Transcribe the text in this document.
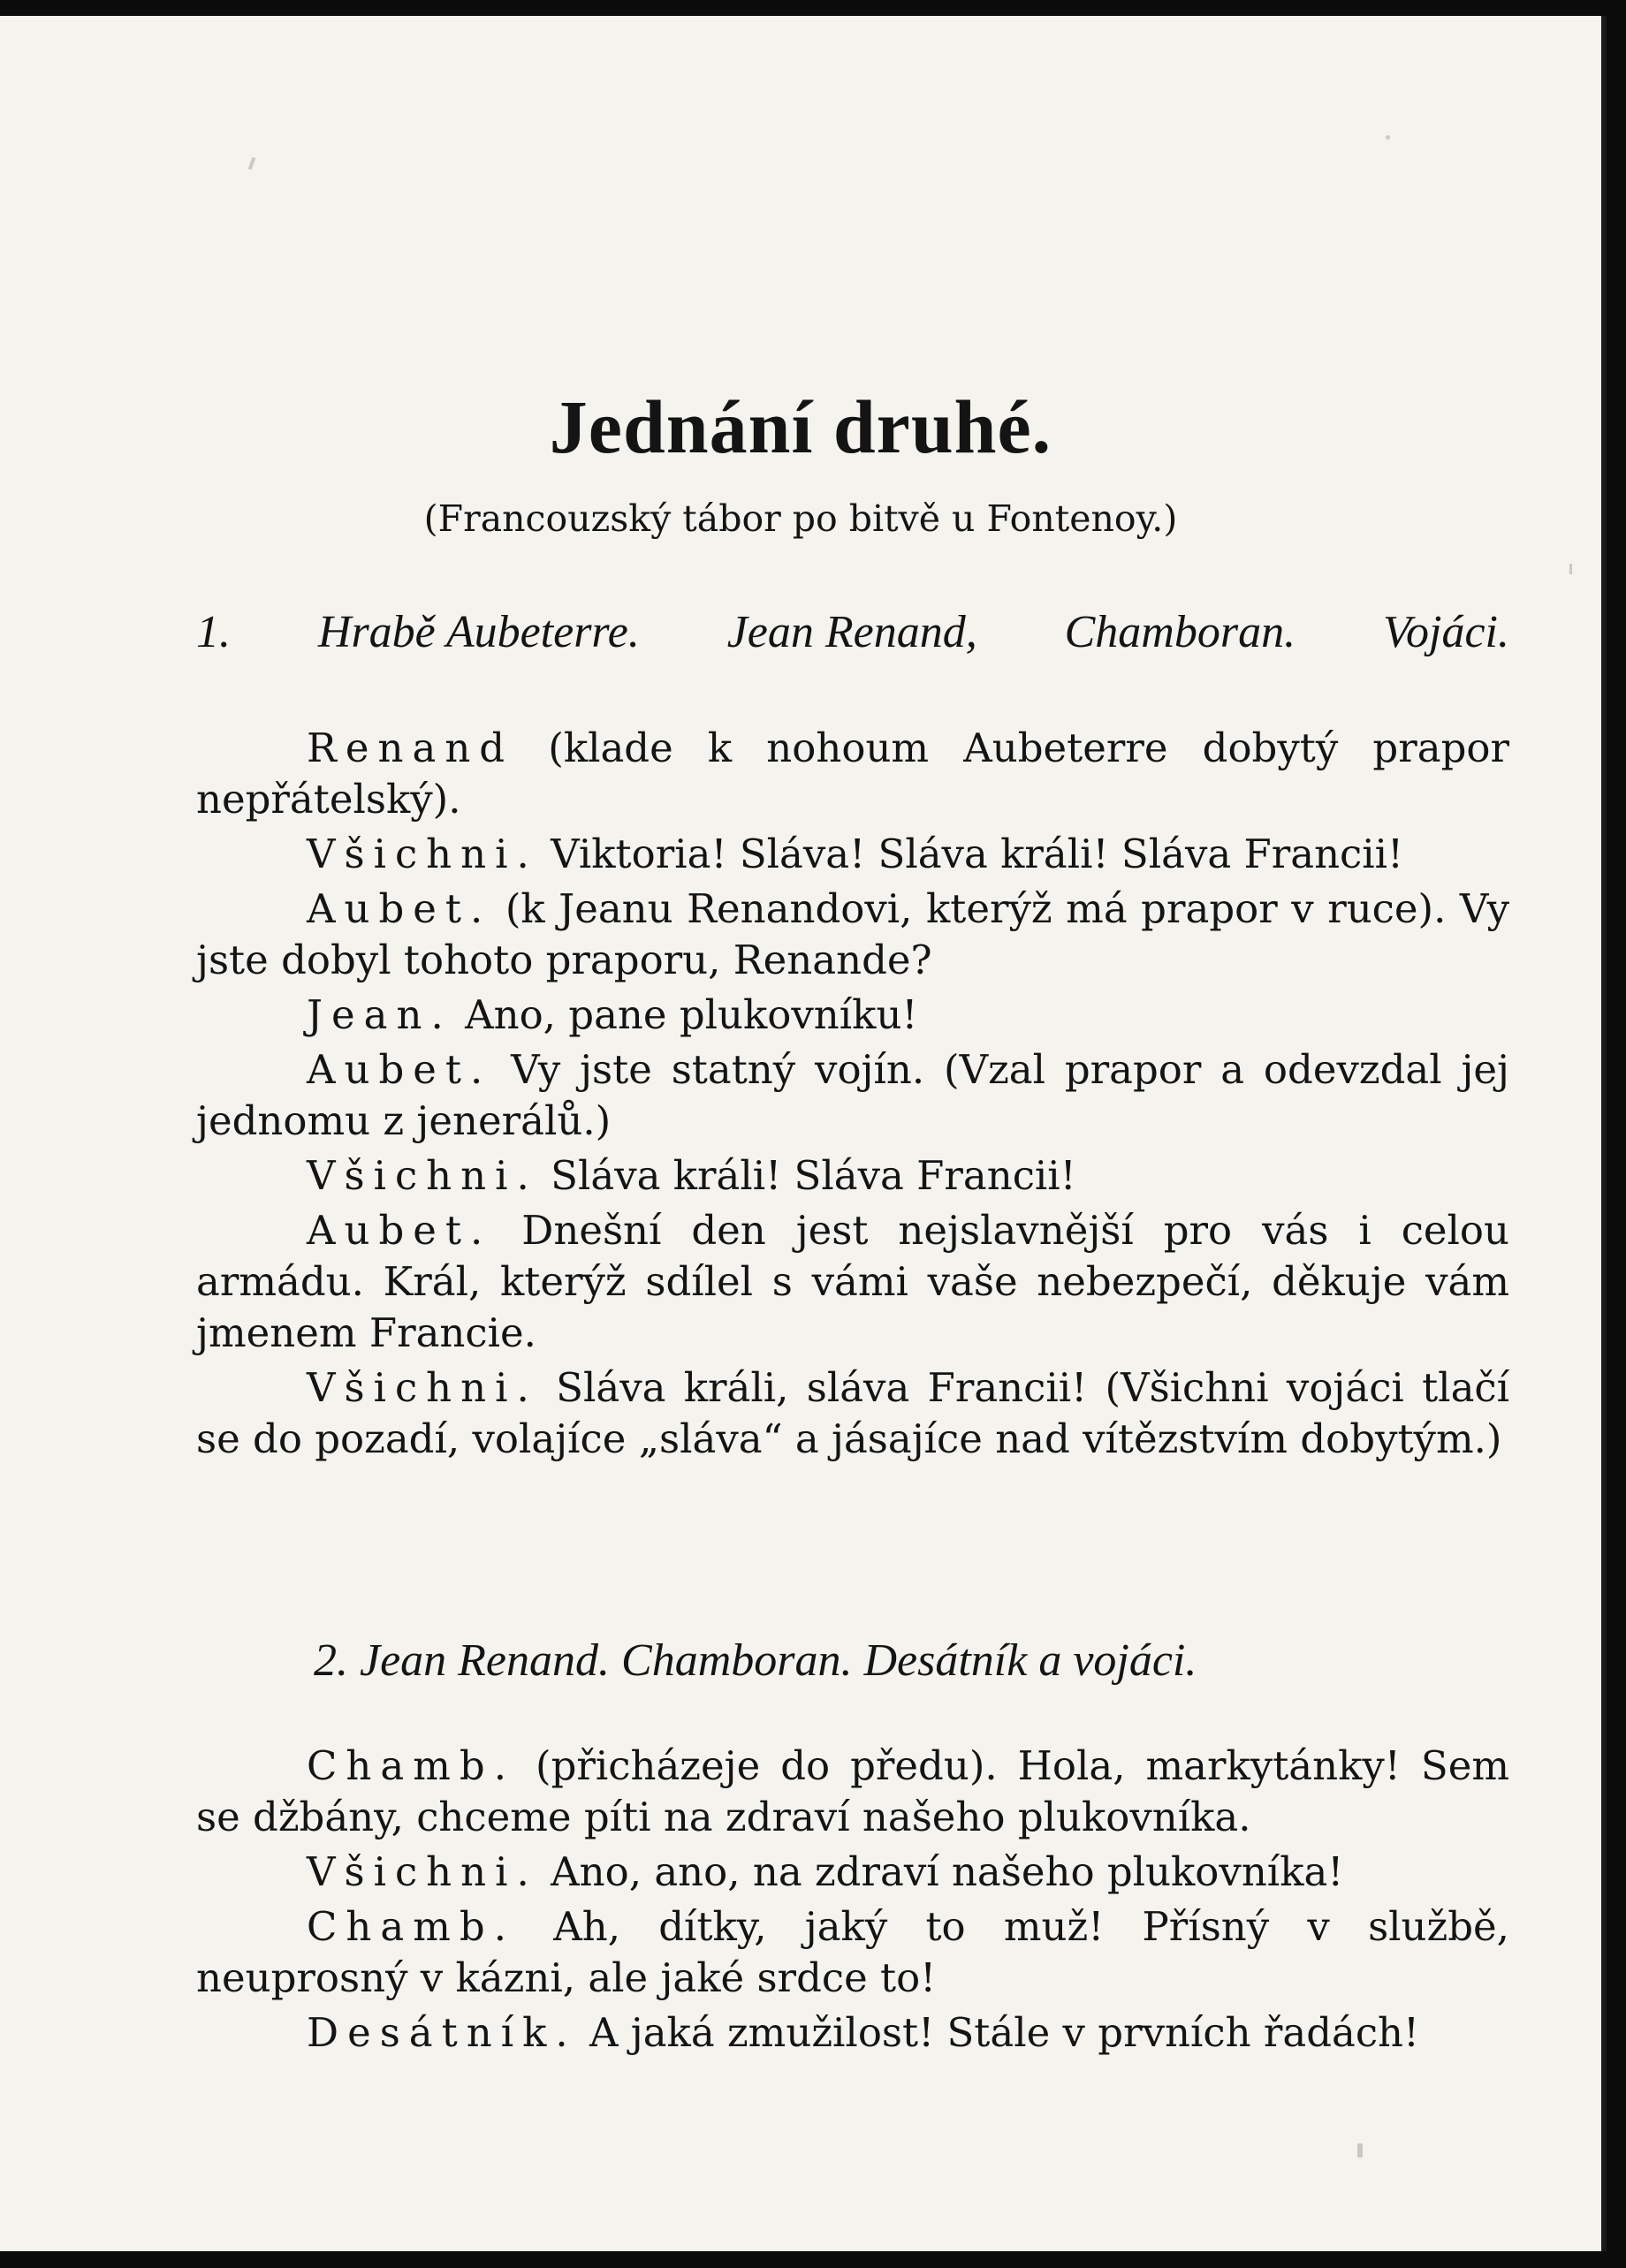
Jednání druhé.
(Francouzský tábor po bitvě u Fontenoy.)
1. Hrabě Aubeterre. Jean Renand, Chamboran. Vojáci.

Renand (klade k nohoum Aubeterre dobytý prapor nepřátelský).

Všichni. Viktoria! Sláva! Sláva králi! Sláva Francii!

Aubet. (k Jeanu Renandovi, kterýž má prapor v ruce). Vy jste dobyl tohoto praporu, Renande?

Jean. Ano, pane plukovníku!

Aubet. Vy jste statný vojín. (Vzal prapor a odevzdal jej jednomu z jenerálů.)

Všichni. Sláva králi! Sláva Francii!

Aubet. Dnešní den jest nejslavnější pro vás i celou armádu. Král, kterýž sdílel s vámi vaše nebezpečí, děkuje vám jmenem Francie.

Všichni. Sláva králi, sláva Francii! (Všichni vojáci tlačí se do pozadí, volajíce „sláva“ a jásajíce nad vítězstvím dobytým.)

2. Jean Renand. Chamboran. Desátník a vojáci.

Chamb. (přicházeje do předu). Hola, markytánky! Sem se džbány, chceme píti na zdraví našeho plukovníka.

Všichni. Ano, ano, na zdraví našeho plukovníka!

Chamb. Ah, dítky, jaký to muž! Přísný v službě, neuprosný v kázni, ale jaké srdce to!

Desátník. A jaká zmužilost! Stále v prvních řadách!
